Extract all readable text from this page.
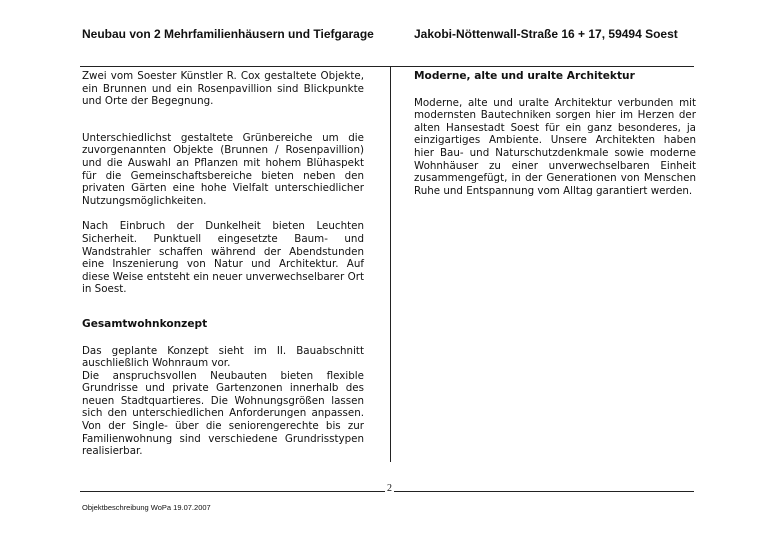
Neubau von 2 Mehrfamilienhäusern und Tiefgarage	Jakobi-Nöttenwall-Straße 16 + 17, 59494 Soest

Zwei vom Soester Künstler R. Cox gestaltete Objekte, ein Brunnen und ein Rosenpavillion sind Blickpunkte und Orte der Begegnung.

Unterschiedlichst gestaltete Grünbereiche um die zuvorgenannten Objekte (Brunnen / Rosenpavillion) und die Auswahl an Pflanzen mit hohem Blühaspekt für die Gemeinschaftsbereiche bieten neben den privaten Gärten eine hohe Vielfalt unterschiedlicher Nutzungsmöglichkeiten.

Nach Einbruch der Dunkelheit bieten Leuchten Sicherheit. Punktuell eingesetzte Baum- und Wandstrahler schaffen während der Abendstunden eine Inszenierung von Natur und Architektur. Auf diese Weise entsteht ein neuer unverwechselbarer Ort in Soest.

Gesamtwohnkonzept

Das geplante Konzept sieht im II. Bauabschnitt auschließlich Wohnraum vor.

Die anspruchsvollen Neubauten bieten flexible Grundrisse und private Gartenzonen innerhalb des neuen Stadtquartieres. Die Wohnungsgrößen lassen sich den unterschiedlichen Anforderungen anpassen. Von der Single- über die seniorengerechte bis zur Familienwohnung sind verschiedene Grundrisstypen realisierbar.

Moderne, alte und uralte Architektur

Moderne, alte und uralte Architektur verbunden mit modernsten Bautechniken sorgen hier im Herzen der alten Hansestadt Soest für ein ganz besonderes, ja einzigartiges Ambiente. Unsere Architekten haben hier Bau- und Naturschutzdenkmale sowie moderne Wohnhäuser zu einer unverwechselbaren Einheit zusammengefügt, in der Generationen von Menschen Ruhe und Entspannung vom Alltag garantiert werden.

2
Objektbeschreibung WoPa 19.07.2007
